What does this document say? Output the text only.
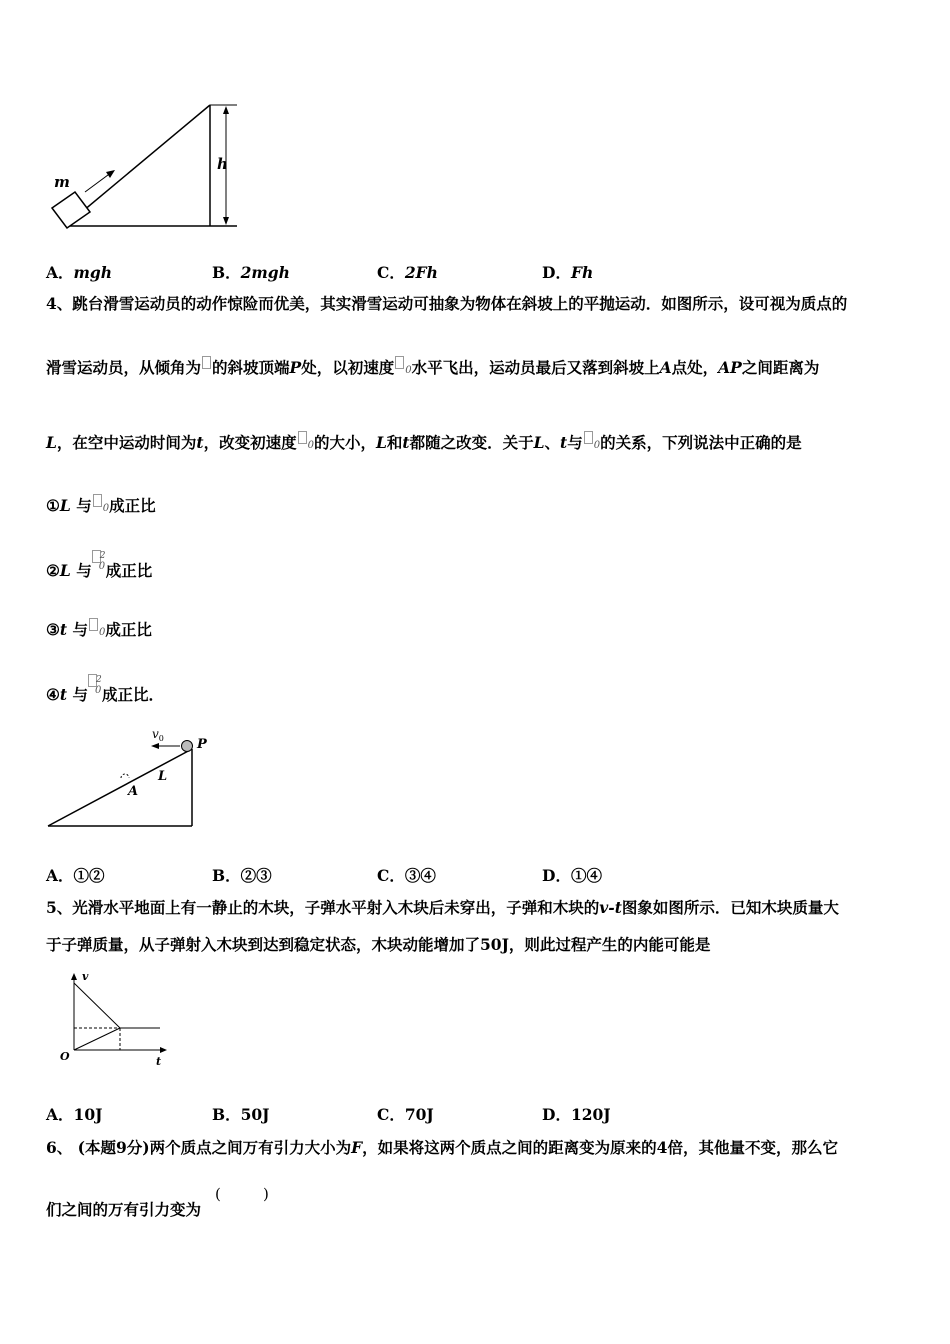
m
h
A．mgh	B．2mgh	C．2Fh	D．Fh
4、跳台滑雪运动员的动作惊险而优美，其实滑雪运动可抽象为物体在斜坡上的平抛运动．如图所示，设可视为质点的
滑雪运动员，从倾角为 的斜坡顶端P处，以初速度 0水平飞出，运动员最后又落到斜坡上A点处，AP之间距离为
L，在空中运动时间为t，改变初速度 0的大小，L和t都随之改变．关于L、t与 0的关系，下列说法中正确的是
①L 与 0成正比
②L 与
2
0 成正比
③t 与 0成正比
④t 与
2
0 成正比．
$v_0$	P
L
A
A．①②	B．②③	C．③④	D．①④
5、光滑水平地面上有一静止的木块，子弹水平射入木块后未穿出，子弹和木块的v-t图象如图所示．已知木块质量大
于子弹质量，从子弹射入木块到达到稳定状态，木块动能增加了50J，则此过程产生的内能可能是
v
t
O
A．10J	B．50J	C．70J	D．120J
6、 (本题9分)两个质点之间万有引力大小为F，如果将这两个质点之间的距离变为原来的4倍，其他量不变，那么它
们之间的万有引力变为
(	)
